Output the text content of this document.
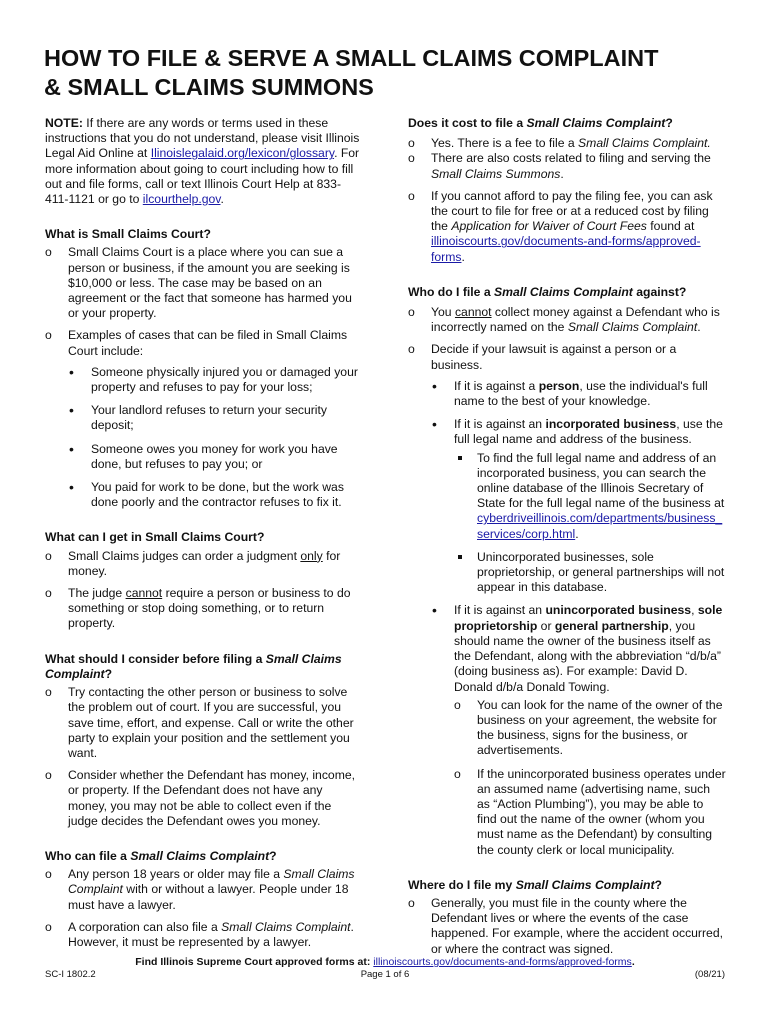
HOW TO FILE & SERVE A SMALL CLAIMS COMPLAINT
& SMALL CLAIMS SUMMONS

NOTE: If there are any words or terms used in these instructions that you do not understand, please visit Illinois Legal Aid Online at Ilinoislegalaid.org/lexicon/glossary. For more information about going to court including how to fill out and file forms, call or text Illinois Court Help at 833-411-1121 or go to ilcourthelp.gov.

What is Small Claims Court?
o Small Claims Court is a place where you can sue a person or business, if the amount you are seeking is $10,000 or less. The case may be based on an agreement or the fact that someone has harmed you or your property.
o Examples of cases that can be filed in Small Claims Court include:
• Someone physically injured you or damaged your property and refuses to pay for your loss;
• Your landlord refuses to return your security deposit;
• Someone owes you money for work you have done, but refuses to pay you; or
• You paid for work to be done, but the work was done poorly and the contractor refuses to fix it.
What can I get in Small Claims Court?
o Small Claims judges can order a judgment only for money.
o The judge cannot require a person or business to do something or stop doing something, or to return property.
What should I consider before filing a Small Claims Complaint?
o Try contacting the other person or business to solve the problem out of court. If you are successful, you save time, effort, and expense. Call or write the other party to explain your position and the settlement you want.
o Consider whether the Defendant has money, income, or property. If the Defendant does not have any money, you may not be able to collect even if the judge decides the Defendant owes you money.
Who can file a Small Claims Complaint?
o Any person 18 years or older may file a Small Claims Complaint with or without a lawyer. People under 18 must have a lawyer.
o A corporation can also file a Small Claims Complaint. However, it must be represented by a lawyer.
Does it cost to file a Small Claims Complaint?
o Yes. There is a fee to file a Small Claims Complaint.
o There are also costs related to filing and serving the Small Claims Summons.
o If you cannot afford to pay the filing fee, you can ask the court to file for free or at a reduced cost by filing the Application for Waiver of Court Fees found at illinoiscourts.gov/documents-and-forms/approved-forms.
Who do I file a Small Claims Complaint against?
o You cannot collect money against a Defendant who is incorrectly named on the Small Claims Complaint.
o Decide if your lawsuit is against a person or a business.
• If it is against a person, use the individual's full name to the best of your knowledge.
• If it is against an incorporated business, use the full legal name and address of the business.
To find the full legal name and address of an incorporated business, you can search the online database of the Illinois Secretary of State for the full legal name of the business at cyberdriveillinois.com/departments/business_services/corp.html.
Unincorporated businesses, sole proprietorship, or general partnerships will not appear in this database.
• If it is against an unincorporated business, sole proprietorship or general partnership, you should name the owner of the business itself as the Defendant, along with the abbreviation “d/b/a” (doing business as). For example: David D. Donald d/b/a Donald Towing.
o You can look for the name of the owner of the business on your agreement, the website for the business, signs for the business, or advertisements.
o If the unincorporated business operates under an assumed name (advertising name, such as “Action Plumbing”), you may be able to find out the name of the owner (whom you must name as the Defendant) by consulting the county clerk or local municipality.
Where do I file my Small Claims Complaint?
o Generally, you must file in the county where the Defendant lives or where the events of the case happened. For example, where the accident occurred, or where the contract was signed.
Find Illinois Supreme Court approved forms at: illinoiscourts.gov/documents-and-forms/approved-forms.
SC-I 1802.2	Page 1 of 6	(08/21)
